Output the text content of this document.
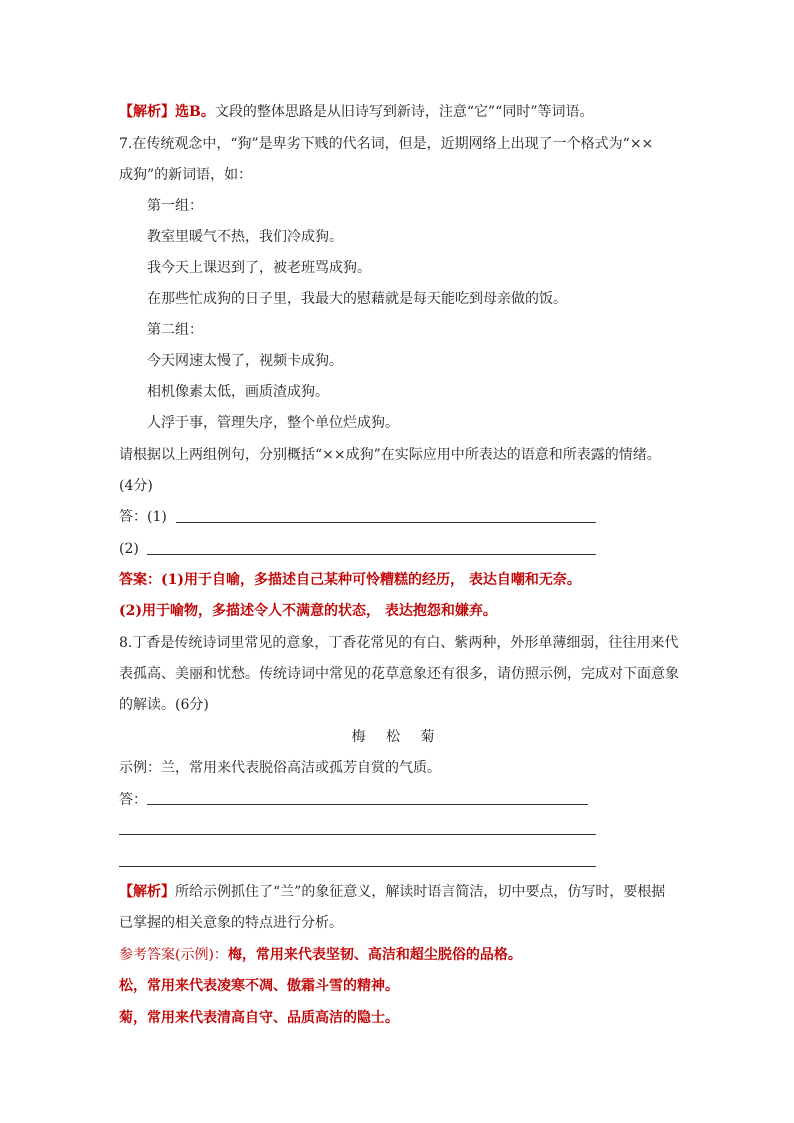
【解析】选B。文段的整体思路是从旧诗写到新诗，注意“它”“同时”等词语。
7.在传统观念中，“狗”是卑劣下贱的代名词，但是，近期网络上出现了一个格式为“××
成狗”的新词语，如：
第一组：
教室里暖气不热，我们冷成狗。
我今天上课迟到了，被老班骂成狗。
在那些忙成狗的日子里，我最大的慰藉就是每天能吃到母亲做的饭。
第二组：
今天网速太慢了，视频卡成狗。
相机像素太低，画质渣成狗。
人浮于事，管理失序，整个单位烂成狗。
请根据以上两组例句，分别概括“××成狗”在实际应用中所表达的语意和所表露的情绪。
(4分)
答：(1)
(2)
答案：(1)用于自喻，多描述自己某种可怜糟糕的经历， 表达自嘲和无奈。
(2)用于喻物，多描述令人不满意的状态， 表达抱怨和嫌弃。
8.丁香是传统诗词里常见的意象，丁香花常见的有白、紫两种，外形单薄细弱，往往用来代
表孤高、美丽和忧愁。传统诗词中常见的花草意象还有很多，请仿照示例，完成对下面意象
的解读。(6分)
梅 松 菊
示例：兰，常用来代表脱俗高洁或孤芳自赏的气质。
答：
【解析】所给示例抓住了“兰”的象征意义，解读时语言简洁，切中要点，仿写时，要根据
已掌握的相关意象的特点进行分析。
参考答案(示例)：梅，常用来代表坚韧、高洁和超尘脱俗的品格。
松，常用来代表凌寒不凋、傲霜斗雪的精神。
菊，常用来代表清高自守、品质高洁的隐士。
